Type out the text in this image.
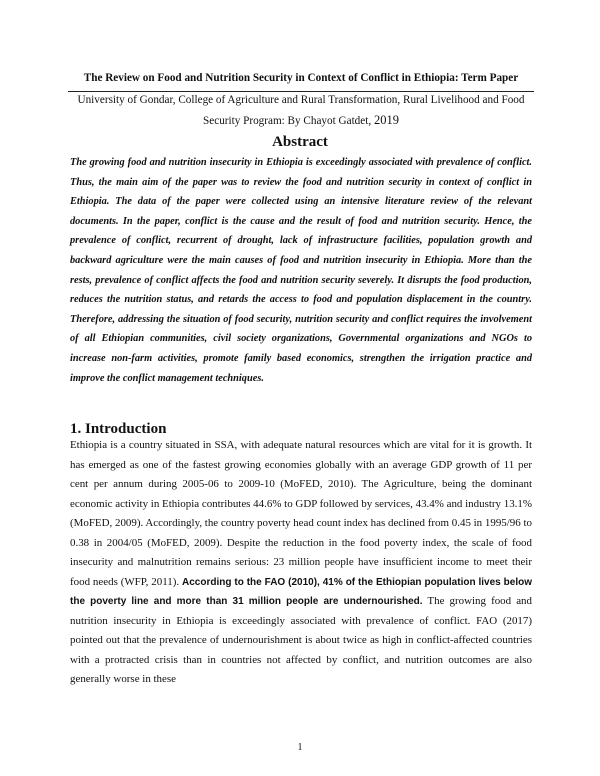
The Review on Food and Nutrition Security in Context of Conflict in Ethiopia: Term Paper
University of Gondar, College of Agriculture and Rural Transformation, Rural Livelihood and Food
Security Program: By Chayot Gatdet, 2019
Abstract

The growing food and nutrition insecurity in Ethiopia is exceedingly associated with prevalence of conflict. Thus, the main aim of the paper was to review the food and nutrition security in context of conflict in Ethiopia. The data of the paper were collected using an intensive literature review of the relevant documents. In the paper, conflict is the cause and the result of food and nutrition security. Hence, the prevalence of conflict, recurrent of drought, lack of infrastructure facilities, population growth and backward agriculture were the main causes of food and nutrition insecurity in Ethiopia. More than the rests, prevalence of conflict affects the food and nutrition security severely. It disrupts the food production, reduces the nutrition status, and retards the access to food and population displacement in the country. Therefore, addressing the situation of food security, nutrition security and conflict requires the involvement of all Ethiopian communities, civil society organizations, Governmental organizations and NGOs to increase non-farm activities, promote family based economics, strengthen the irrigation practice and improve the conflict management techniques.

1. Introduction

Ethiopia is a country situated in SSA, with adequate natural resources which are vital for it is growth. It has emerged as one of the fastest growing economies globally with an average GDP growth of 11 per cent per annum during 2005-06 to 2009-10 (MoFED, 2010). The Agriculture, being the dominant economic activity in Ethiopia contributes 44.6% to GDP followed by services, 43.4% and industry 13.1% (MoFED, 2009). Accordingly, the country poverty head count index has declined from 0.45 in 1995/96 to 0.38 in 2004/05 (MoFED, 2009). Despite the reduction in the food poverty index, the scale of food insecurity and malnutrition remains serious: 23 million people have insufficient income to meet their food needs (WFP, 2011). According to the FAO (2010), 41% of the Ethiopian population lives below the poverty line and more than 31 million people are undernourished. The growing food and nutrition insecurity in Ethiopia is exceedingly associated with prevalence of conflict. FAO (2017) pointed out that the prevalence of undernourishment is about twice as high in conflict-affected countries with a protracted crisis than in countries not affected by conflict, and nutrition outcomes are also generally worse in these

1
